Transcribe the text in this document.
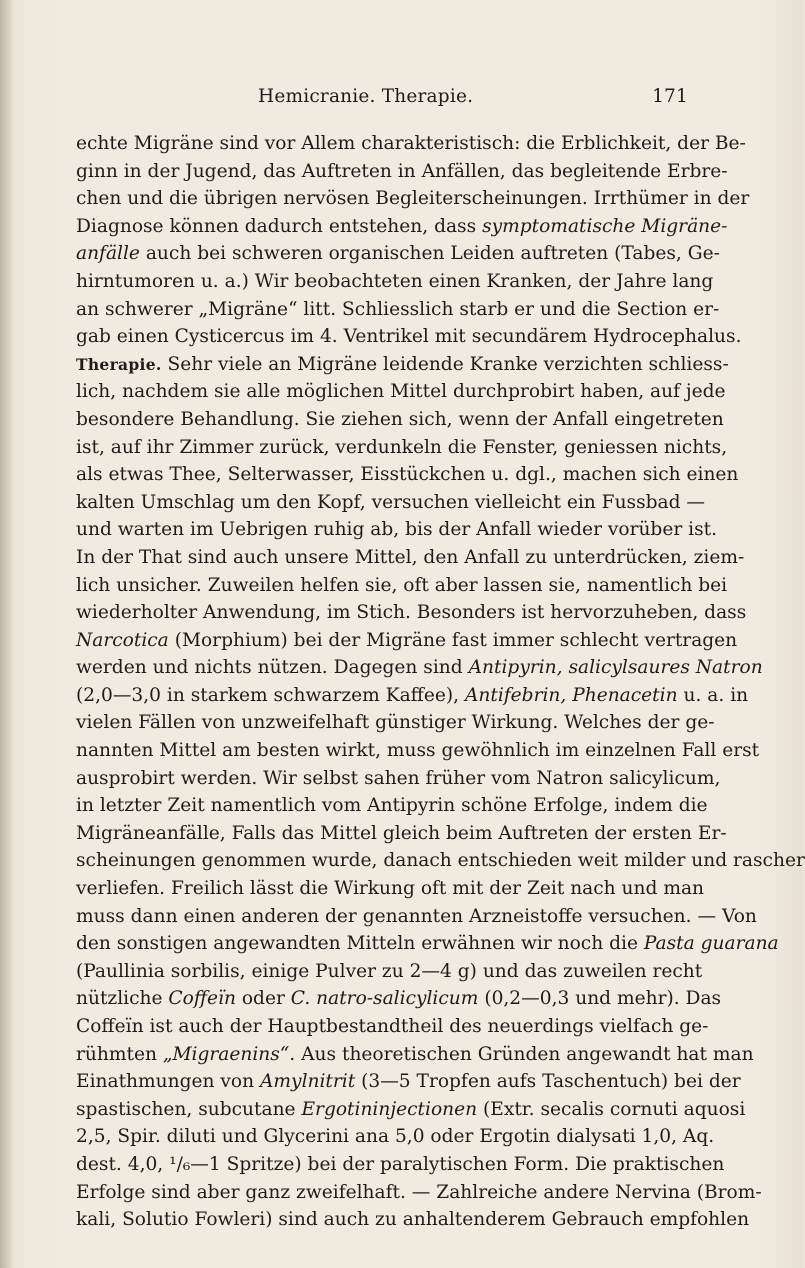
Hemicranie. Therapie.	171
echte Migräne sind vor Allem charakteristisch: die Erblichkeit, der Be-
ginn in der Jugend, das Auftreten in Anfällen, das begleitende Erbre-
chen und die übrigen nervösen Begleiterscheinungen. Irrthümer in der
Diagnose können dadurch entstehen, dass symptomatische Migräne-
anfälle auch bei schweren organischen Leiden auftreten (Tabes, Ge-
hirntumoren u. a.) Wir beobachteten einen Kranken, der Jahre lang
an schwerer „Migräne“ litt. Schliesslich starb er und die Section er-
gab einen Cysticercus im 4. Ventrikel mit secundärem Hydrocephalus.
Therapie. Sehr viele an Migräne leidende Kranke verzichten schliess-
lich, nachdem sie alle möglichen Mittel durchprobirt haben, auf jede
besondere Behandlung. Sie ziehen sich, wenn der Anfall eingetreten
ist, auf ihr Zimmer zurück, verdunkeln die Fenster, geniessen nichts,
als etwas Thee, Selterwasser, Eisstückchen u. dgl., machen sich einen
kalten Umschlag um den Kopf, versuchen vielleicht ein Fussbad —
und warten im Uebrigen ruhig ab, bis der Anfall wieder vorüber ist.
In der That sind auch unsere Mittel, den Anfall zu unterdrücken, ziem-
lich unsicher. Zuweilen helfen sie, oft aber lassen sie, namentlich bei
wiederholter Anwendung, im Stich. Besonders ist hervorzuheben, dass
Narcotica (Morphium) bei der Migräne fast immer schlecht vertragen
werden und nichts nützen. Dagegen sind Antipyrin, salicylsaures Natron
(2,0—3,0 in starkem schwarzem Kaffee), Antifebrin, Phenacetin u. a. in
vielen Fällen von unzweifelhaft günstiger Wirkung. Welches der ge-
nannten Mittel am besten wirkt, muss gewöhnlich im einzelnen Fall erst
ausprobirt werden. Wir selbst sahen früher vom Natron salicylicum,
in letzter Zeit namentlich vom Antipyrin schöne Erfolge, indem die
Migräneanfälle, Falls das Mittel gleich beim Auftreten der ersten Er-
scheinungen genommen wurde, danach entschieden weit milder und rascher
verliefen. Freilich lässt die Wirkung oft mit der Zeit nach und man
muss dann einen anderen der genannten Arzneistoffe versuchen. — Von
den sonstigen angewandten Mitteln erwähnen wir noch die Pasta guarana
(Paullinia sorbilis, einige Pulver zu 2—4 g) und das zuweilen recht
nützliche Coffeïn oder C. natro-salicylicum (0,2—0,3 und mehr). Das
Coffeïn ist auch der Hauptbestandtheil des neuerdings vielfach ge-
rühmten „Migraenins“. Aus theoretischen Gründen angewandt hat man
Einathmungen von Amylnitrit (3—5 Tropfen aufs Taschentuch) bei der
spastischen, subcutane Ergotininjectionen (Extr. secalis cornuti aquosi
2,5, Spir. diluti und Glycerini ana 5,0 oder Ergotin dialysati 1,0, Aq.
dest. 4,0, ¹/₆—1 Spritze) bei der paralytischen Form. Die praktischen
Erfolge sind aber ganz zweifelhaft. — Zahlreiche andere Nervina (Brom-
kali, Solutio Fowleri) sind auch zu anhaltenderem Gebrauch empfohlen
